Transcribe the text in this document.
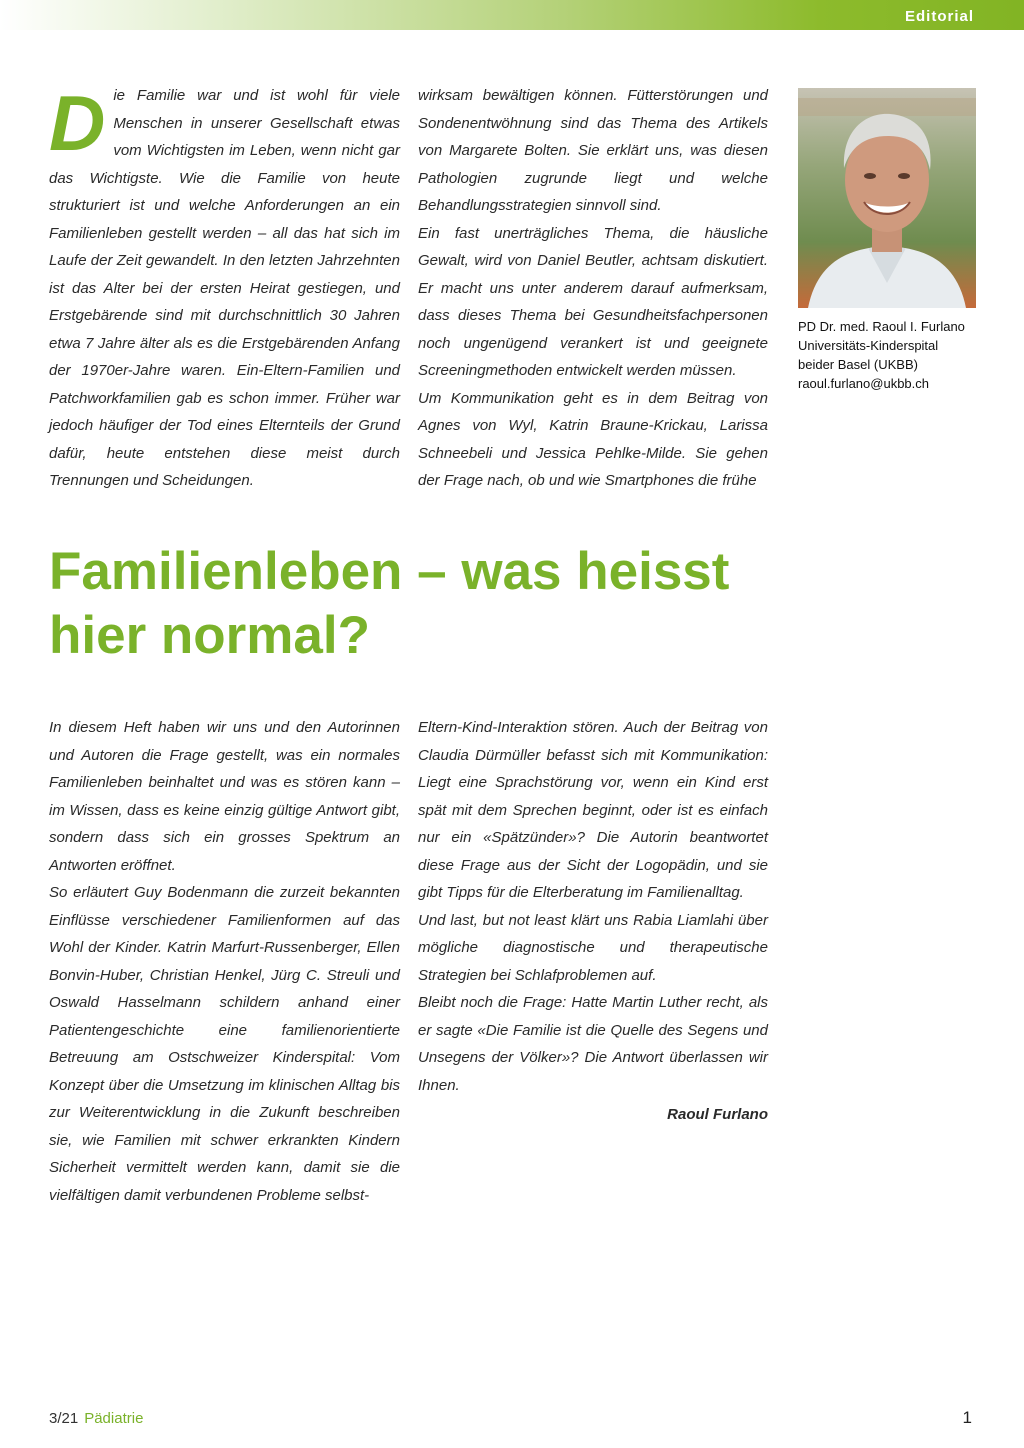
Editorial

Die Familie war und ist wohl für viele Menschen in unserer Gesellschaft etwas vom Wichtigsten im Leben, wenn nicht gar das Wichtigste. Wie die Familie von heute strukturiert ist und welche Anforderungen an ein Familienleben gestellt werden – all das hat sich im Laufe der Zeit gewandelt. In den letzten Jahrzehnten ist das Alter bei der ersten Heirat gestiegen, und Erstgebärende sind mit durchschnittlich 30 Jahren etwa 7 Jahre älter als es die Erstgebärenden Anfang der 1970er-Jahre waren. Ein-Eltern-Familien und Patchworkfamilien gab es schon immer. Früher war jedoch häufiger der Tod eines Elternteils der Grund dafür, heute entstehen diese meist durch Trennungen und Scheidungen.

wirksam bewältigen können. Fütterstörungen und Sondenentwöhnung sind das Thema des Artikels von Margarete Bolten. Sie erklärt uns, was diesen Pathologien zugrunde liegt und welche Behandlungsstrategien sinnvoll sind.

Ein fast unerträgliches Thema, die häusliche Gewalt, wird von Daniel Beutler, achtsam diskutiert. Er macht uns unter anderem darauf aufmerksam, dass dieses Thema bei Gesundheitsfachpersonen noch ungenügend verankert ist und geeignete Screeningmethoden entwickelt werden müssen.

Um Kommunikation geht es in dem Beitrag von Agnes von Wyl, Katrin Braune-Krickau, Larissa Schneebeli und Jessica Pehlke-Milde. Sie gehen der Frage nach, ob und wie Smartphones die frühe

PD Dr. med. Raoul I. Furlano
Universitäts-Kinderspital
beider Basel (UKBB)
raoul.furlano@ukbb.ch
Familienleben – was heisst hier normal?

In diesem Heft haben wir uns und den Autorinnen und Autoren die Frage gestellt, was ein normales Familienleben beinhaltet und was es stören kann – im Wissen, dass es keine einzig gültige Antwort gibt, sondern dass sich ein grosses Spektrum an Antworten eröffnet.

So erläutert Guy Bodenmann die zurzeit bekannten Einflüsse verschiedener Familienformen auf das Wohl der Kinder. Katrin Marfurt-Russenberger, Ellen Bonvin-Huber, Christian Henkel, Jürg C. Streuli und Oswald Hasselmann schildern anhand einer Patientengeschichte eine familienorientierte Betreuung am Ostschweizer Kinderspital: Vom Konzept über die Umsetzung im klinischen Alltag bis zur Weiterentwicklung in die Zukunft beschreiben sie, wie Familien mit schwer erkrankten Kindern Sicherheit vermittelt werden kann, damit sie die vielfältigen damit verbundenen Probleme selbst-

Eltern-Kind-Interaktion stören. Auch der Beitrag von Claudia Dürmüller befasst sich mit Kommunikation: Liegt eine Sprachstörung vor, wenn ein Kind erst spät mit dem Sprechen beginnt, oder ist es einfach nur ein «Spätzünder»? Die Autorin beantwortet diese Frage aus der Sicht der Logopädin, und sie gibt Tipps für die Elterberatung im Familienalltag.

Und last, but not least klärt uns Rabia Liamlahi über mögliche diagnostische und therapeutische Strategien bei Schlafproblemen auf.

Bleibt noch die Frage: Hatte Martin Luther recht, als er sagte «Die Familie ist die Quelle des Segens und Unsegens der Völker»? Die Antwort überlassen wir Ihnen.

Raoul Furlano

3/21 Pädiatrie	1
